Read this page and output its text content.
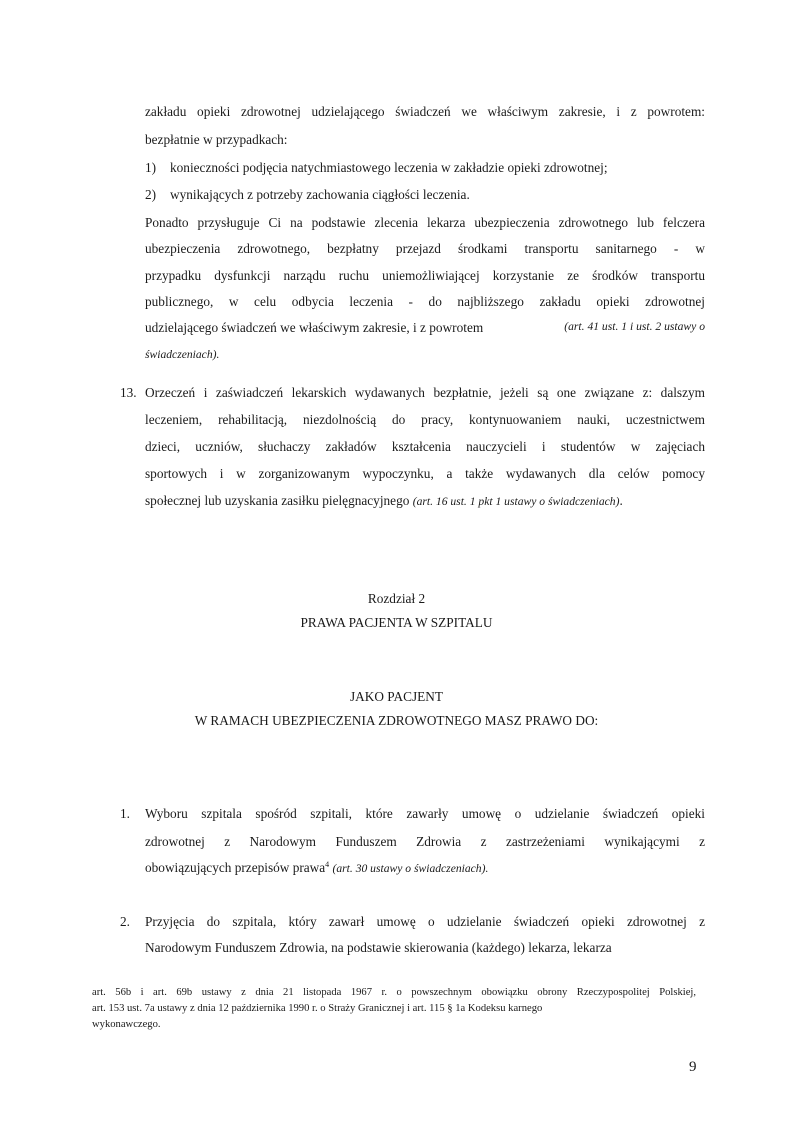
zakładu opieki zdrowotnej udzielającego świadczeń we właściwym zakresie, i z powrotem:
bezpłatnie w przypadkach:
1) konieczności podjęcia natychmiastowego leczenia w zakładzie opieki zdrowotnej;
2) wynikających z potrzeby zachowania ciągłości leczenia.
Ponadto przysługuje Ci na podstawie zlecenia lekarza ubezpieczenia zdrowotnego lub felczera
ubezpieczenia zdrowotnego, bezpłatny przejazd środkami transportu sanitarnego - w
przypadku dysfunkcji narządu ruchu uniemożliwiającej korzystanie ze środków transportu
publicznego, w celu odbycia leczenia - do najbliższego zakładu opieki zdrowotnej
udzielającego świadczeń we właściwym zakresie, i z powrotem	(art. 41 ust. 1 i ust. 2 ustawy o
świadczeniach).
13. Orzeczeń i zaświadczeń lekarskich wydawanych bezpłatnie, jeżeli są one związane z: dalszym
leczeniem, rehabilitacją, niezdolnością do pracy, kontynuowaniem nauki, uczestnictwem
dzieci, uczniów, słuchaczy zakładów kształcenia nauczycieli i studentów w zajęciach
sportowych i w zorganizowanym wypoczynku, a także wydawanych dla celów pomocy
społecznej lub uzyskania zasiłku pielęgnacyjnego (art. 16 ust. 1 pkt 1 ustawy o świadczeniach).
Rozdział 2
PRAWA PACJENTA W SZPITALU
JAKO PACJENT
W RAMACH UBEZPIECZENIA ZDROWOTNEGO MASZ PRAWO DO:
1. Wyboru szpitala spośród szpitali, które zawarły umowę o udzielanie świadczeń opieki
zdrowotnej z Narodowym Funduszem Zdrowia z zastrzeżeniami wynikającymi z
obowiązujących przepisów prawa$^4$ (art. 30 ustawy o świadczeniach).
2. Przyjęcia do szpitala, który zawarł umowę o udzielanie świadczeń opieki zdrowotnej z
Narodowym Funduszem Zdrowia, na podstawie skierowania (każdego) lekarza, lekarza
art. 56b i art. 69b ustawy z dnia 21 listopada 1967 r. o powszechnym obowiązku obrony Rzeczypospolitej Polskiej,
art. 153 ust. 7a ustawy z dnia 12 października 1990 r. o Straży Granicznej i art. 115 § 1a Kodeksu karnego
wykonawczego.
9
